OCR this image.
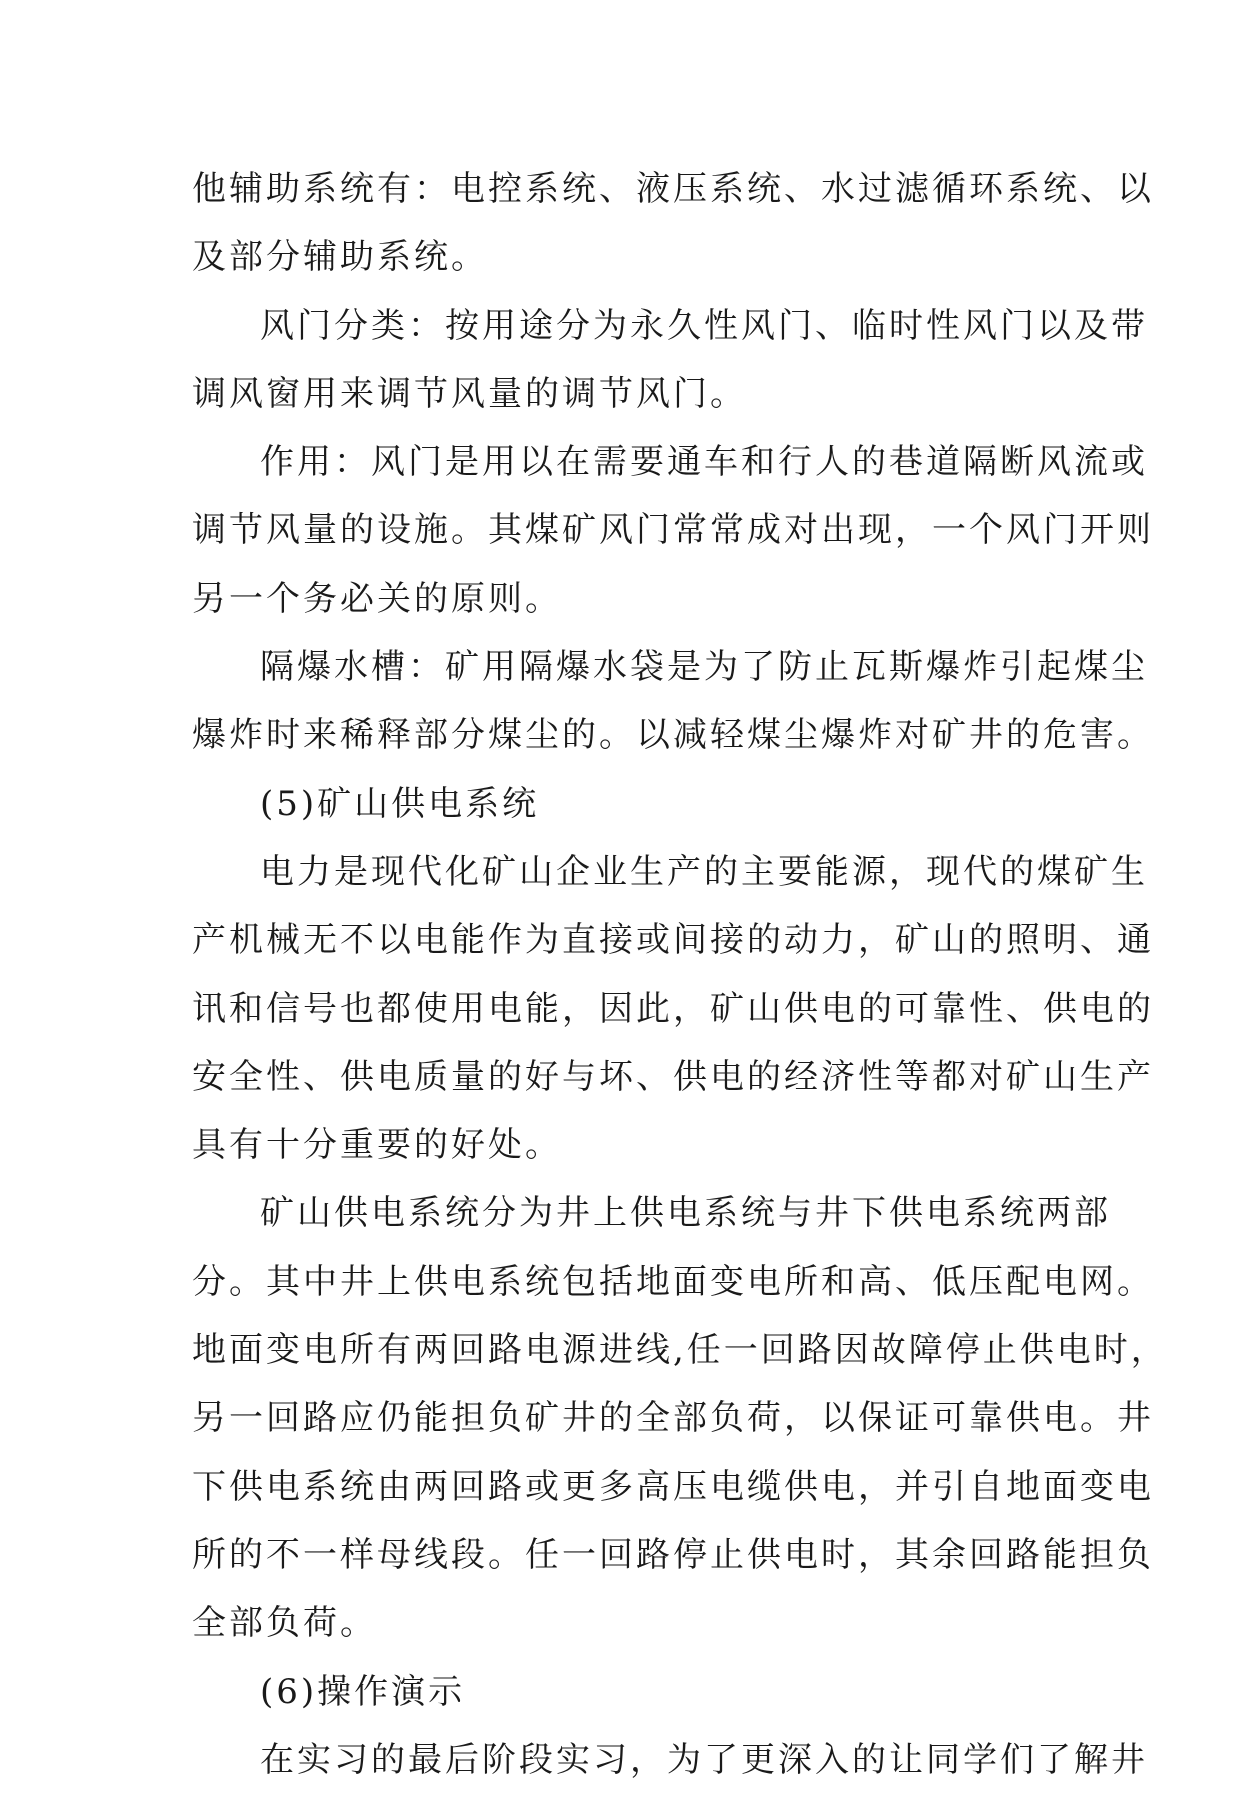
他辅助系统有：电控系统、液压系统、水过滤循环系统、以
及部分辅助系统。
风门分类：按用途分为永久性风门、临时性风门以及带
调风窗用来调节风量的调节风门。
作用：风门是用以在需要通车和行人的巷道隔断风流或
调节风量的设施。其煤矿风门常常成对出现，一个风门开则
另一个务必关的原则。
隔爆水槽：矿用隔爆水袋是为了防止瓦斯爆炸引起煤尘
爆炸时来稀释部分煤尘的。以减轻煤尘爆炸对矿井的危害。
(5)矿山供电系统
电力是现代化矿山企业生产的主要能源，现代的煤矿生
产机械无不以电能作为直接或间接的动力，矿山的照明、通
讯和信号也都使用电能，因此，矿山供电的可靠性、供电的
安全性、供电质量的好与坏、供电的经济性等都对矿山生产
具有十分重要的好处。
矿山供电系统分为井上供电系统与井下供电系统两部
分。其中井上供电系统包括地面变电所和高、低压配电网。
地面变电所有两回路电源进线,任一回路因故障停止供电时，
另一回路应仍能担负矿井的全部负荷，以保证可靠供电。井
下供电系统由两回路或更多高压电缆供电，并引自地面变电
所的不一样母线段。任一回路停止供电时，其余回路能担负
全部负荷。
(6)操作演示
在实习的最后阶段实习，为了更深入的让同学们了解井
